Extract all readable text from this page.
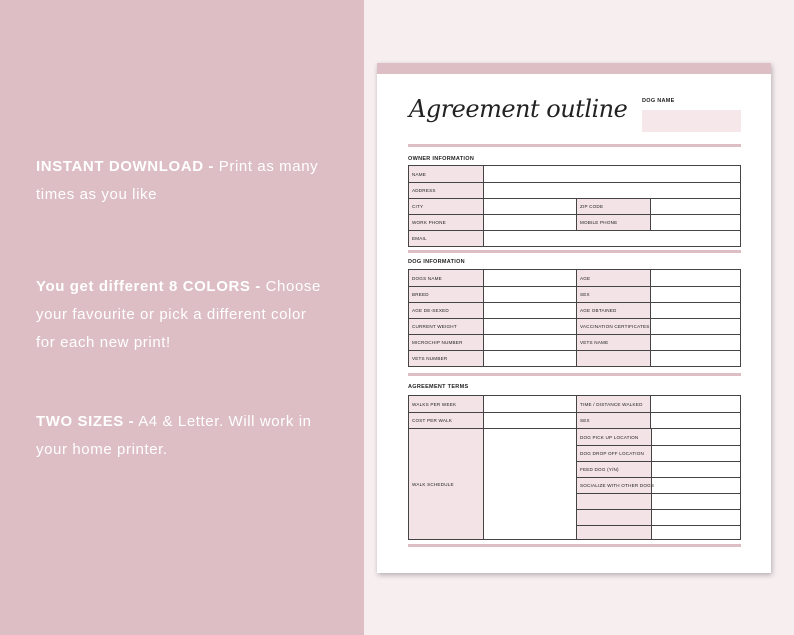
INSTANT DOWNLOAD - Print as many times as you like
You get different 8 COLORS - Choose your favourite or pick a different color for each new print!
TWO SIZES - A4 & Letter. Will work in your home printer.
Agreement outline	DOG NAME
OWNER INFORMATION
NAME
ADDRESS
CITY	ZIP CODE
WORK PHONE	MOBILE PHONE
EMAIL
DOG INFORMATION
DOGS NAME	AGE
BREED	SEX
AGE DE-SEXED	AGE OBTAINED
CURRENT WEIGHT	VACCINATION CERTIFICATES
MICROCHIP NUMBER	VETS NAME
VETS NUMBER
AGREEMENT TERMS
WALKS PER WEEK	TIME / DISTANCE WALKED
COST PER WALK	SEX
WALK SCHEDULE
DOG PICK UP LOCATION
DOG DROP OFF LOCATION
FEED DOG (Y/N)
SOCIALIZE WITH OTHER DOGS
